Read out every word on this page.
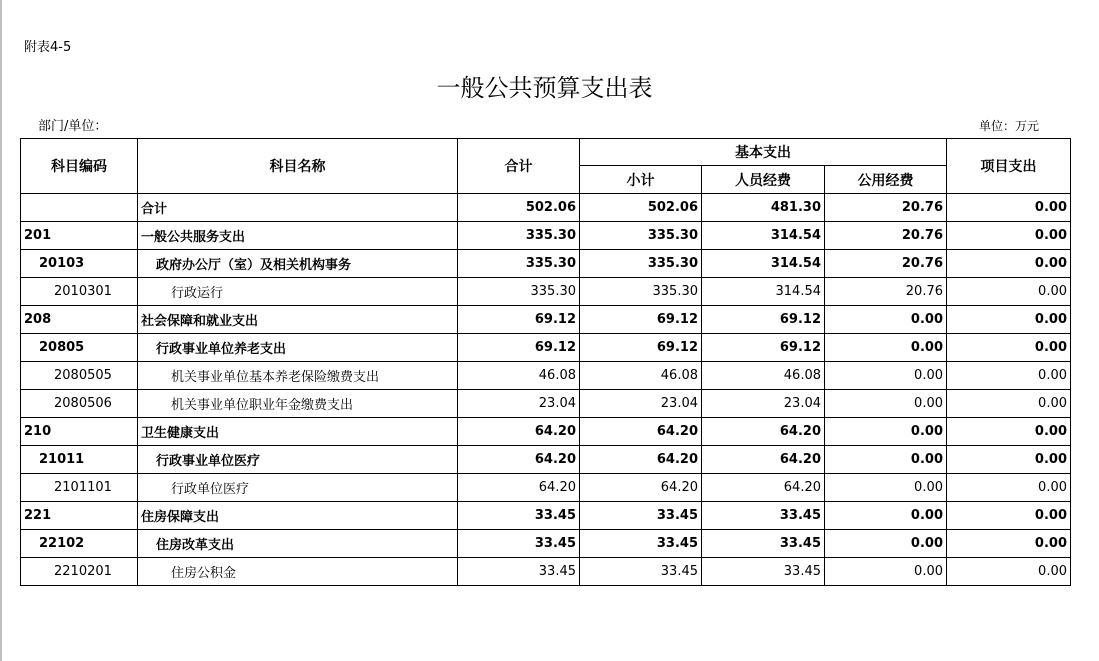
附表4-5
一般公共预算支出表
部门/单位：	单位：万元
科目编码	科目名称	合计	基本支出			项目支出
			小计	人员经费	公用经费	
	合计	502.06	502.06	481.30	20.76	0.00
201	一般公共服务支出	335.30	335.30	314.54	20.76	0.00
20103	政府办公厅（室）及相关机构事务	335.30	335.30	314.54	20.76	0.00
2010301	行政运行	335.30	335.30	314.54	20.76	0.00
208	社会保障和就业支出	69.12	69.12	69.12	0.00	0.00
20805	行政事业单位养老支出	69.12	69.12	69.12	0.00	0.00
2080505	机关事业单位基本养老保险缴费支出	46.08	46.08	46.08	0.00	0.00
2080506	机关事业单位职业年金缴费支出	23.04	23.04	23.04	0.00	0.00
210	卫生健康支出	64.20	64.20	64.20	0.00	0.00
21011	行政事业单位医疗	64.20	64.20	64.20	0.00	0.00
2101101	行政单位医疗	64.20	64.20	64.20	0.00	0.00
221	住房保障支出	33.45	33.45	33.45	0.00	0.00
22102	住房改革支出	33.45	33.45	33.45	0.00	0.00
2210201	住房公积金	33.45	33.45	33.45	0.00	0.00
